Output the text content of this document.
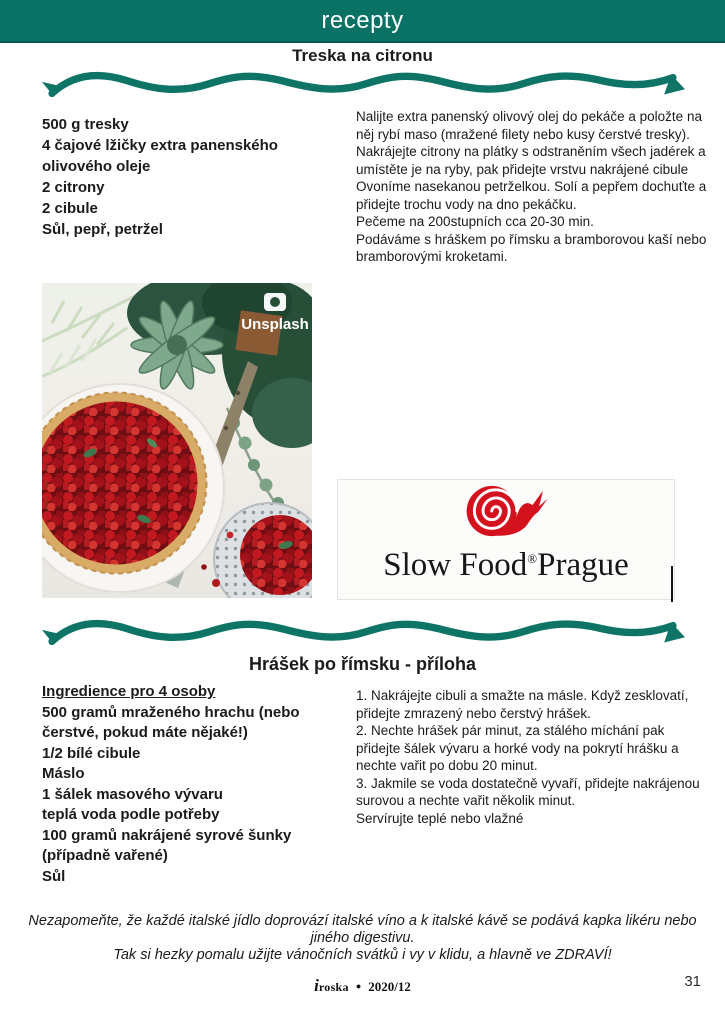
recepty
Treska na citronu
500 g tresky
4 čajové lžičky extra panenského olivového oleje
2 citrony
2 cibule
Sůl, pepř, petržel

Nalijte extra panenský olivový olej do pekáče a položte na něj rybí maso (mražené filety nebo kusy čerstvé tresky).

Nakrájejte citrony na plátky s odstraněním všech jadérek a umístěte je na ryby, pak přidejte vrstvu nakrájené cibule

Ovoníme nasekanou petrželkou. Solí a pepřem dochuťte a přidejte trochu vody na dno pekáčku.

Pečeme na 200stupních cca 20-30 min.

Podáváme s hráškem po římsku a bramborovou kaší nebo bramborovými kroketami.

Unsplash
Slow Food®Prague
Hrášek po římsku - příloha
Ingredience pro 4 osoby
500 gramů mraženého hrachu (nebo čerstvé, pokud máte nějaké!)
1/2 bílé cibule
Máslo
1 šálek masového vývaru
teplá voda podle potřeby
100 gramů nakrájené syrové šunky (případně vařené)
Sůl
1. Nakrájejte cibuli a smažte na másle. Když zesklovatí, přidejte zmrazený nebo čerstvý hrášek.
2. Nechte hrášek pár minut, za stálého míchání pak přidejte šálek vývaru a horké vody na pokrytí hrášku a nechte vařit po dobu 20 minut.
3. Jakmile se voda dostatečně vyvaří, přidejte nakrájenou surovou a nechte vařit několik minut.
Servírujte teplé nebo vlažné

Nezapomeňte, že každé italské jídlo doprovází italské víno a k italské kávě se podává kapka likéru nebo jiného digestivu.

Tak si hezky pomalu užijte vánočních svátků i vy v klidu, a hlavně ve ZDRAVÍ!

iroska ● 2020/12	31
